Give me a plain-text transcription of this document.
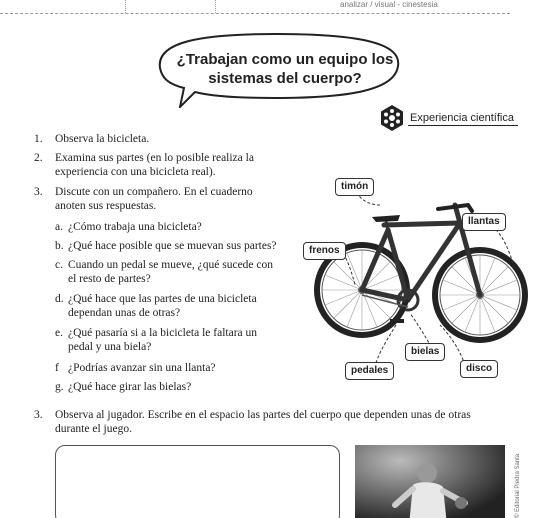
analizar / visual - cinestesia
¿Trabajan como un equipo los
sistemas del cuerpo?
Experiencia científica
1. Observa la bicicleta.
2. Examina sus partes (en lo posible realiza la
experiencia con una bicicleta real).
3. Discute con un compañero. En el cuaderno
anoten sus respuestas.
a. ¿Cómo trabaja una bicicleta?
b. ¿Qué hace posible que se muevan sus partes?
c. Cuando un pedal se mueve, ¿qué sucede con
el resto de partes?
d. ¿Qué hace que las partes de una bicicleta
dependan unas de otras?
e. ¿Qué pasaría si a la bicicleta le faltara un
pedal y una biela?
f ¿Podrías avanzar sin una llanta?
g. ¿Qué hace girar las bielas?
timón
llantas
frenos
bielas
pedales	disco
3. Observa al jugador. Escribe en el espacio las partes del cuerpo que dependen unas de otras
durante el juego.
© Editorial Piedra Santa
